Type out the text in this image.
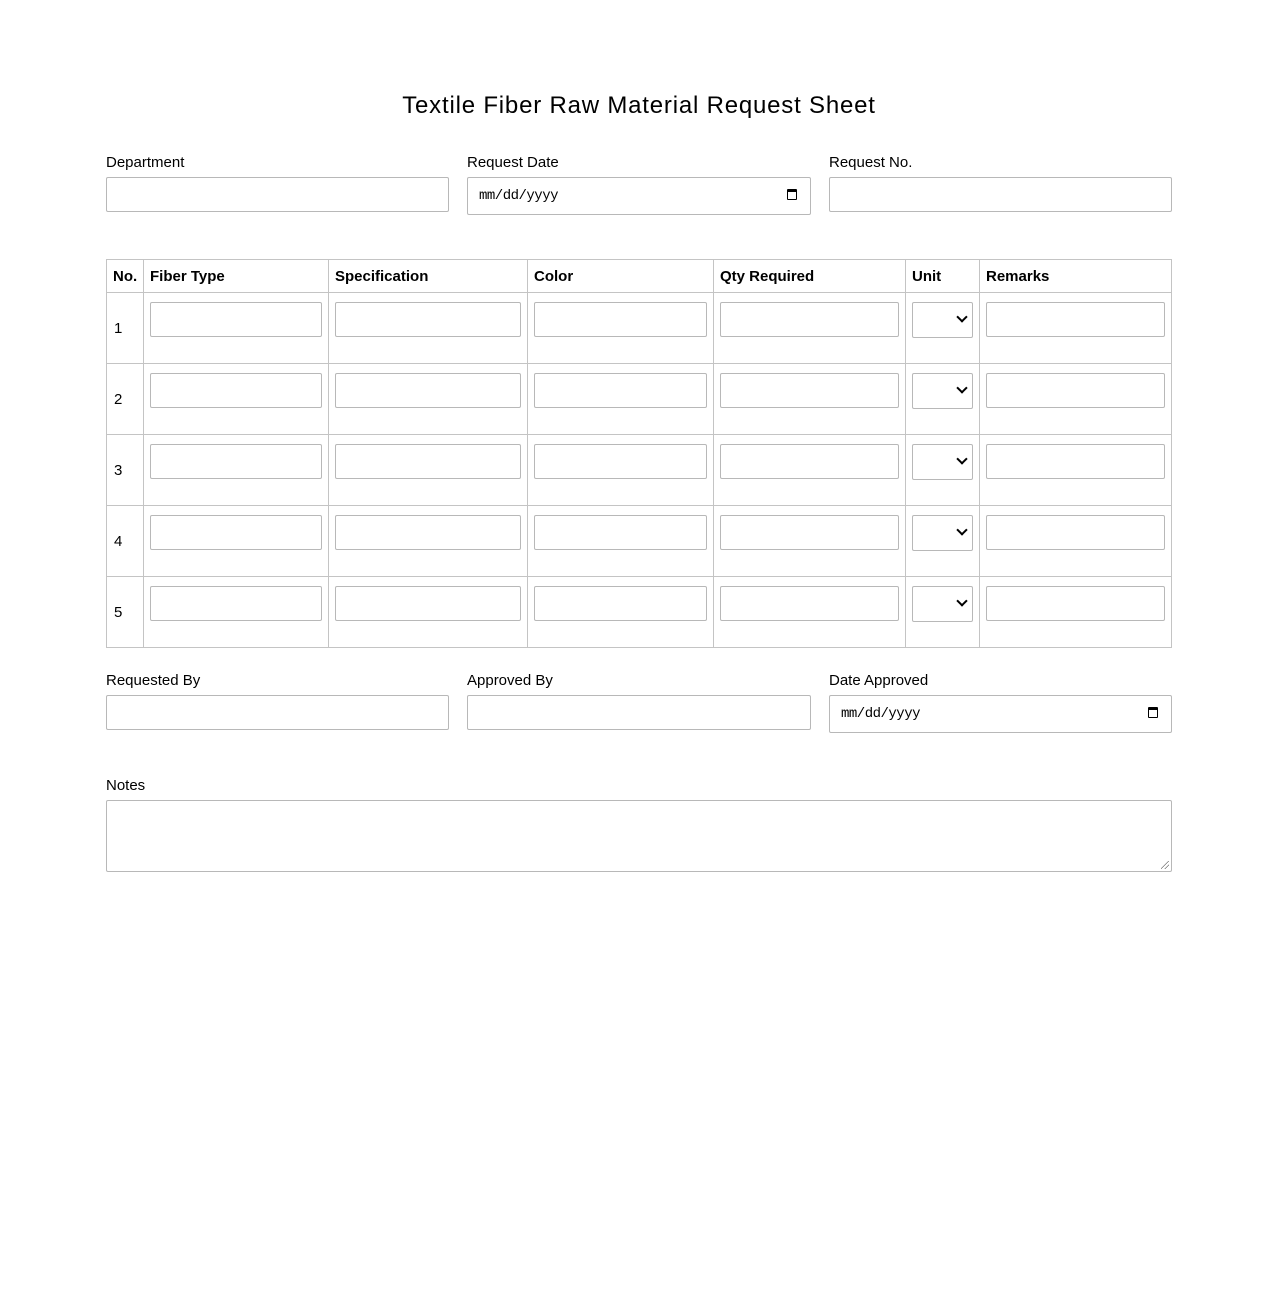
Textile Fiber Raw Material Request Sheet
Department	Request Date
mm/dd/yyyy
Request No.
No.	Fiber Type	Specification	Color	Qty Required	Unit	Remarks
1	

2	

3	

4	

5	

Requested By	Approved By	Date Approved
mm/dd/yyyy
Notes
